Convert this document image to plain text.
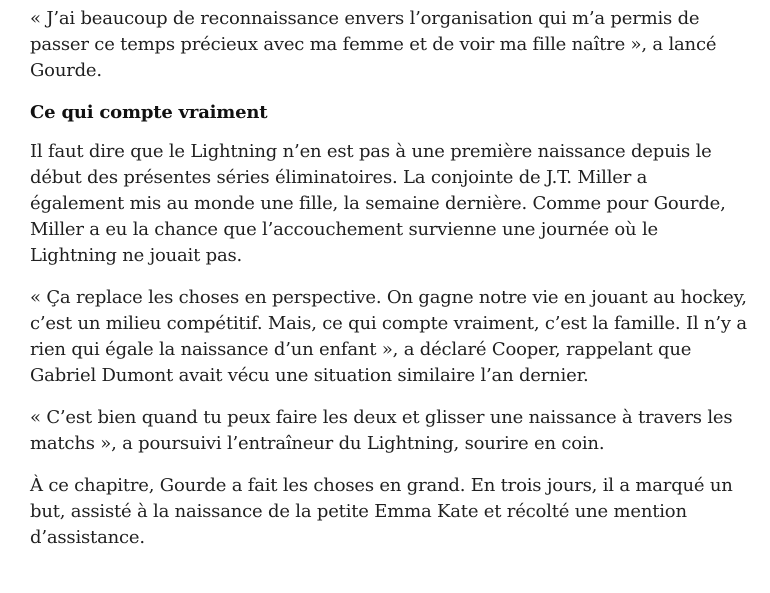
« J’ai beaucoup de reconnaissance envers l’organisation qui m’a permis de
passer ce temps précieux avec ma femme et de voir ma fille naître », a lancé
Gourde.

Ce qui compte vraiment

Il faut dire que le Lightning n’en est pas à une première naissance depuis le
début des présentes séries éliminatoires. La conjointe de J.T. Miller a
également mis au monde une fille, la semaine dernière. Comme pour Gourde,
Miller a eu la chance que l’accouchement survienne une journée où le
Lightning ne jouait pas.

« Ça replace les choses en perspective. On gagne notre vie en jouant au hockey,
c’est un milieu compétitif. Mais, ce qui compte vraiment, c’est la famille. Il n’y a
rien qui égale la naissance d’un enfant », a déclaré Cooper, rappelant que
Gabriel Dumont avait vécu une situation similaire l’an dernier.

« C’est bien quand tu peux faire les deux et glisser une naissance à travers les
matchs », a poursuivi l’entraîneur du Lightning, sourire en coin.

À ce chapitre, Gourde a fait les choses en grand. En trois jours, il a marqué un
but, assisté à la naissance de la petite Emma Kate et récolté une mention
d’assistance.
